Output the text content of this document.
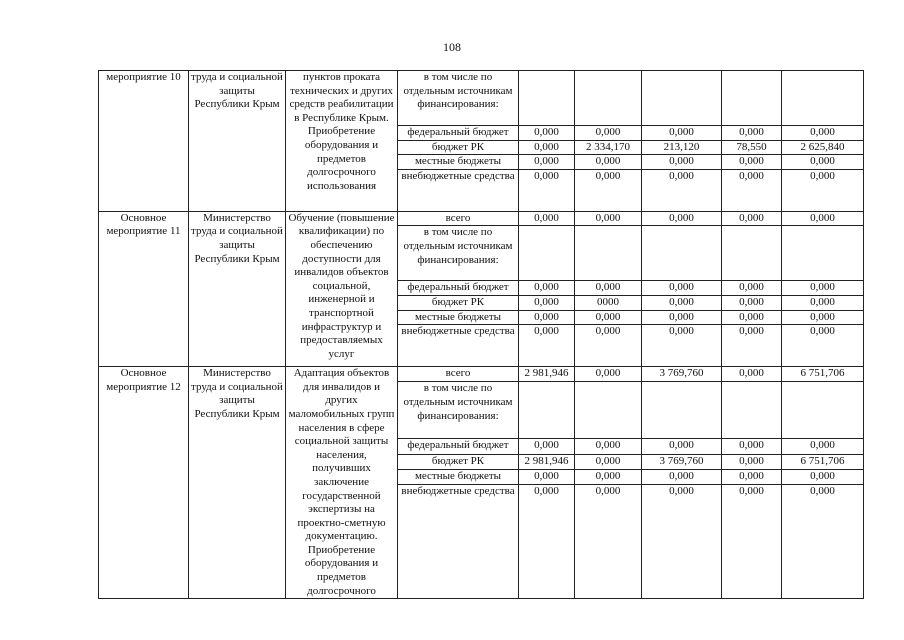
108
мероприятие 10	труда и социальной защиты Республики Крым	пунктов проката технических и других средств реабилитации в Республике Крым. Приобретение оборудования и предметов долгосрочного использования	в том числе по отдельным источникам финансирования:					
			федеральный бюджет	0,000	0,000	0,000	0,000	0,000
			бюджет РК	0,000	2 334,170	213,120	78,550	2 625,840
			местные бюджеты	0,000	0,000	0,000	0,000	0,000
			внебюджетные средства	0,000	0,000	0,000	0,000	0,000
Основное мероприятие 11	Министерство труда и социальной защиты Республики Крым	Обучение (повышение квалификации) по обеспечению доступности для инвалидов объектов социальной, инженерной и транспортной инфраструктур и предоставляемых услуг	всего	0,000	0,000	0,000	0,000	0,000
			в том числе по отдельным источникам финансирования:					
			федеральный бюджет	0,000	0,000	0,000	0,000	0,000
			бюджет РК	0,000	0000	0,000	0,000	0,000
			местные бюджеты	0,000	0,000	0,000	0,000	0,000
			внебюджетные средства	0,000	0,000	0,000	0,000	0,000
Основное мероприятие 12	Министерство труда и социальной защиты Республики Крым	Адаптация объектов для инвалидов и других маломобильных групп населения в сфере социальной защиты населения, получивших заключение государственной экспертизы на проектно-сметную документацию. Приобретение оборудования и предметов долгосрочного	всего	2 981,946	0,000	3 769,760	0,000	6 751,706
			в том числе по отдельным источникам финансирования:					
			федеральный бюджет	0,000	0,000	0,000	0,000	0,000
			бюджет РК	2 981,946	0,000	3 769,760	0,000	6 751,706
			местные бюджеты	0,000	0,000	0,000	0,000	0,000
			внебюджетные средства	0,000	0,000	0,000	0,000	0,000
